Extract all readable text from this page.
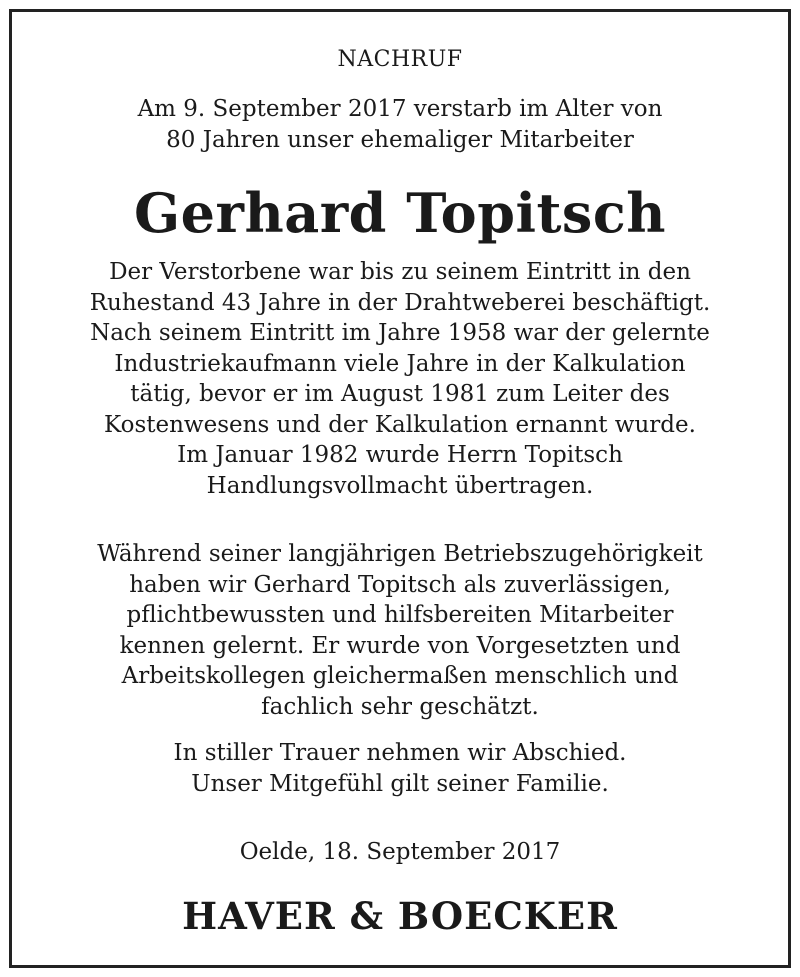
NACHRUF
Am 9. September 2017 verstarb im Alter von
80 Jahren unser ehemaliger Mitarbeiter
Gerhard Topitsch
Der Verstorbene war bis zu seinem Eintritt in den
Ruhestand 43 Jahre in der Drahtweberei beschäftigt.
Nach seinem Eintritt im Jahre 1958 war der gelernte
Industriekaufmann viele Jahre in der Kalkulation
tätig, bevor er im August 1981 zum Leiter des
Kostenwesens und der Kalkulation ernannt wurde.
Im Januar 1982 wurde Herrn Topitsch
Handlungsvollmacht übertragen.
Während seiner langjährigen Betriebszugehörigkeit
haben wir Gerhard Topitsch als zuverlässigen,
pflichtbewussten und hilfsbereiten Mitarbeiter
kennen gelernt. Er wurde von Vorgesetzten und
Arbeitskollegen gleichermaßen menschlich und
fachlich sehr geschätzt.
In stiller Trauer nehmen wir Abschied.
Unser Mitgefühl gilt seiner Familie.
Oelde, 18. September 2017
HAVER & BOECKER
